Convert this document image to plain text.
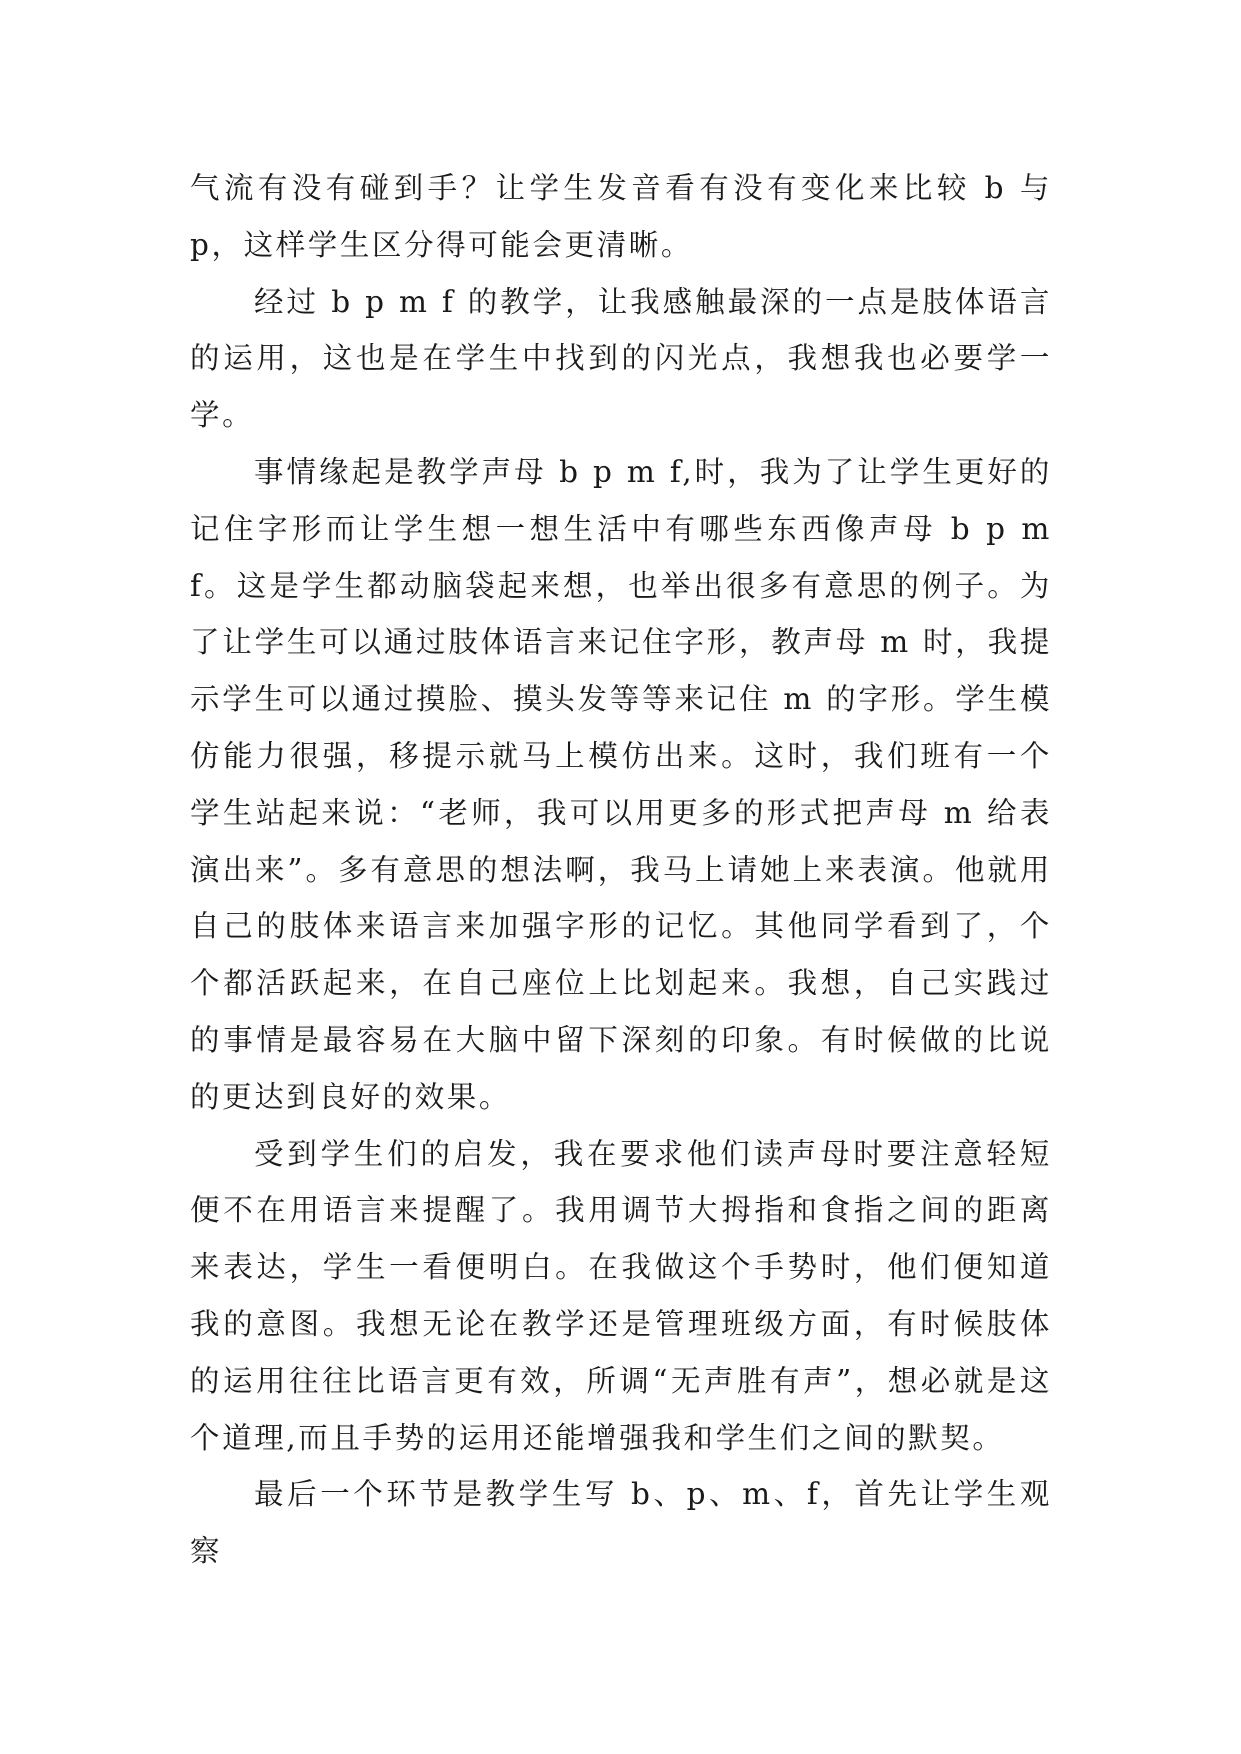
气流有没有碰到手？让学生发音看有没有变化来比较 b 与 p，这样学生区分得可能会更清晰。

经过 b p m f 的教学，让我感触最深的一点是肢体语言的运用，这也是在学生中找到的闪光点，我想我也必要学一学。

事情缘起是教学声母 b p m f,时，我为了让学生更好的记住字形而让学生想一想生活中有哪些东西像声母 b p m f。这是学生都动脑袋起来想，也举出很多有意思的例子。为了让学生可以通过肢体语言来记住字形，教声母 m 时，我提示学生可以通过摸脸、摸头发等等来记住 m 的字形。学生模仿能力很强，移提示就马上模仿出来。这时，我们班有一个学生站起来说：“老师，我可以用更多的形式把声母 m 给表演出来”。多有意思的想法啊，我马上请她上来表演。他就用自己的肢体来语言来加强字形的记忆。其他同学看到了，个个都活跃起来，在自己座位上比划起来。我想，自己实践过的事情是最容易在大脑中留下深刻的印象。有时候做的比说的更达到良好的效果。

受到学生们的启发，我在要求他们读声母时要注意轻短便不在用语言来提醒了。我用调节大拇指和食指之间的距离来表达，学生一看便明白。在我做这个手势时，他们便知道我的意图。我想无论在教学还是管理班级方面，有时候肢体的运用往往比语言更有效，所调“无声胜有声”，想必就是这个道理,而且手势的运用还能增强我和学生们之间的默契。

最后一个环节是教学生写 b、p、m、f，首先让学生观察
